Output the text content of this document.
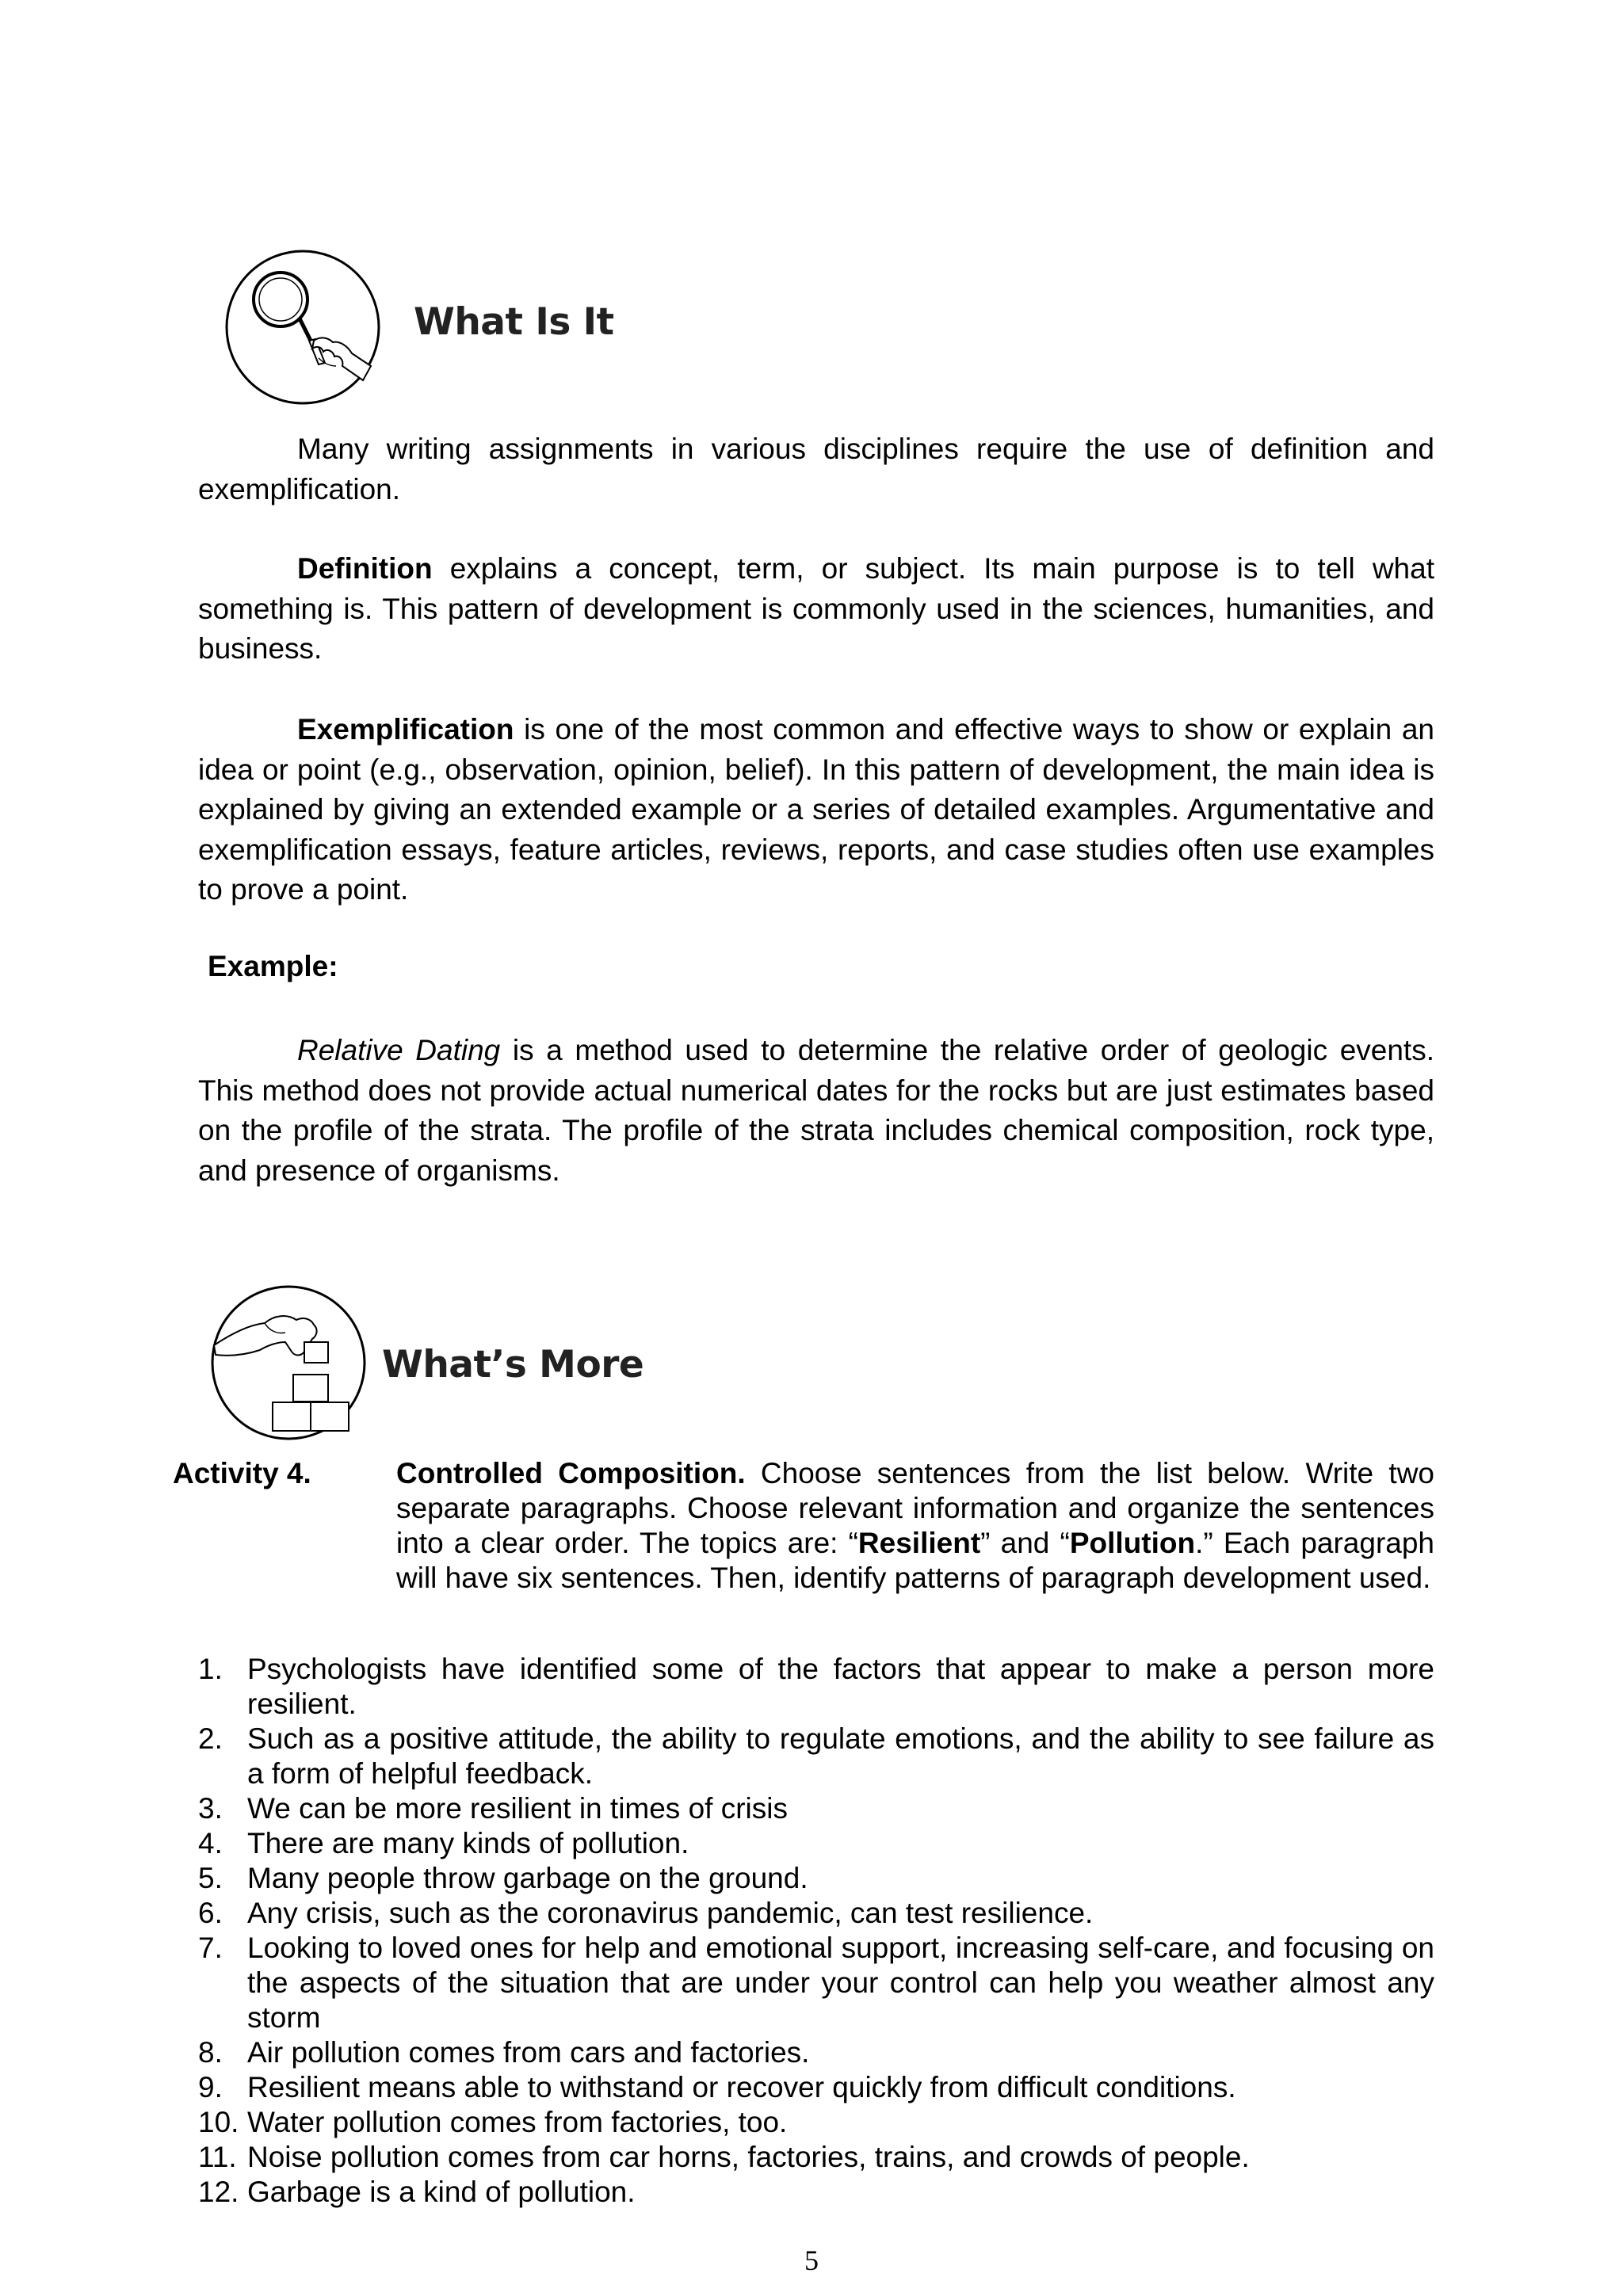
What Is It

Many writing assignments in various disciplines require the use of definition and exemplification.

Definition explains a concept, term, or subject. Its main purpose is to tell what something is. This pattern of development is commonly used in the sciences, humanities, and business.

Exemplification is one of the most common and effective ways to show or explain an idea or point (e.g., observation, opinion, belief). In this pattern of development, the main idea is explained by giving an extended example or a series of detailed examples. Argumentative and exemplification essays, feature articles, reviews, reports, and case studies often use examples to prove a point.

Example:

Relative Dating is a method used to determine the relative order of geologic events. This method does not provide actual numerical dates for the rocks but are just estimates based on the profile of the strata. The profile of the strata includes chemical composition, rock type, and presence of organisms.

What’s More
Activity 4.	Controlled Composition. Choose sentences from the list below. Write two separate paragraphs. Choose relevant information and organize the sentences into a clear order. The topics are: “Resilient” and “Pollution.” Each paragraph will have six sentences. Then, identify patterns of paragraph development used.
1. Psychologists have identified some of the factors that appear to make a person more resilient.
2. Such as a positive attitude, the ability to regulate emotions, and the ability to see failure as a form of helpful feedback.
3. We can be more resilient in times of crisis
4. There are many kinds of pollution.
5. Many people throw garbage on the ground.
6. Any crisis, such as the coronavirus pandemic, can test resilience.
7. Looking to loved ones for help and emotional support, increasing self-care, and focusing on the aspects of the situation that are under your control can help you weather almost any storm
8. Air pollution comes from cars and factories.
9. Resilient means able to withstand or recover quickly from difficult conditions.
10. Water pollution comes from factories, too.
11. Noise pollution comes from car horns, factories, trains, and crowds of people.
12. Garbage is a kind of pollution.
5
